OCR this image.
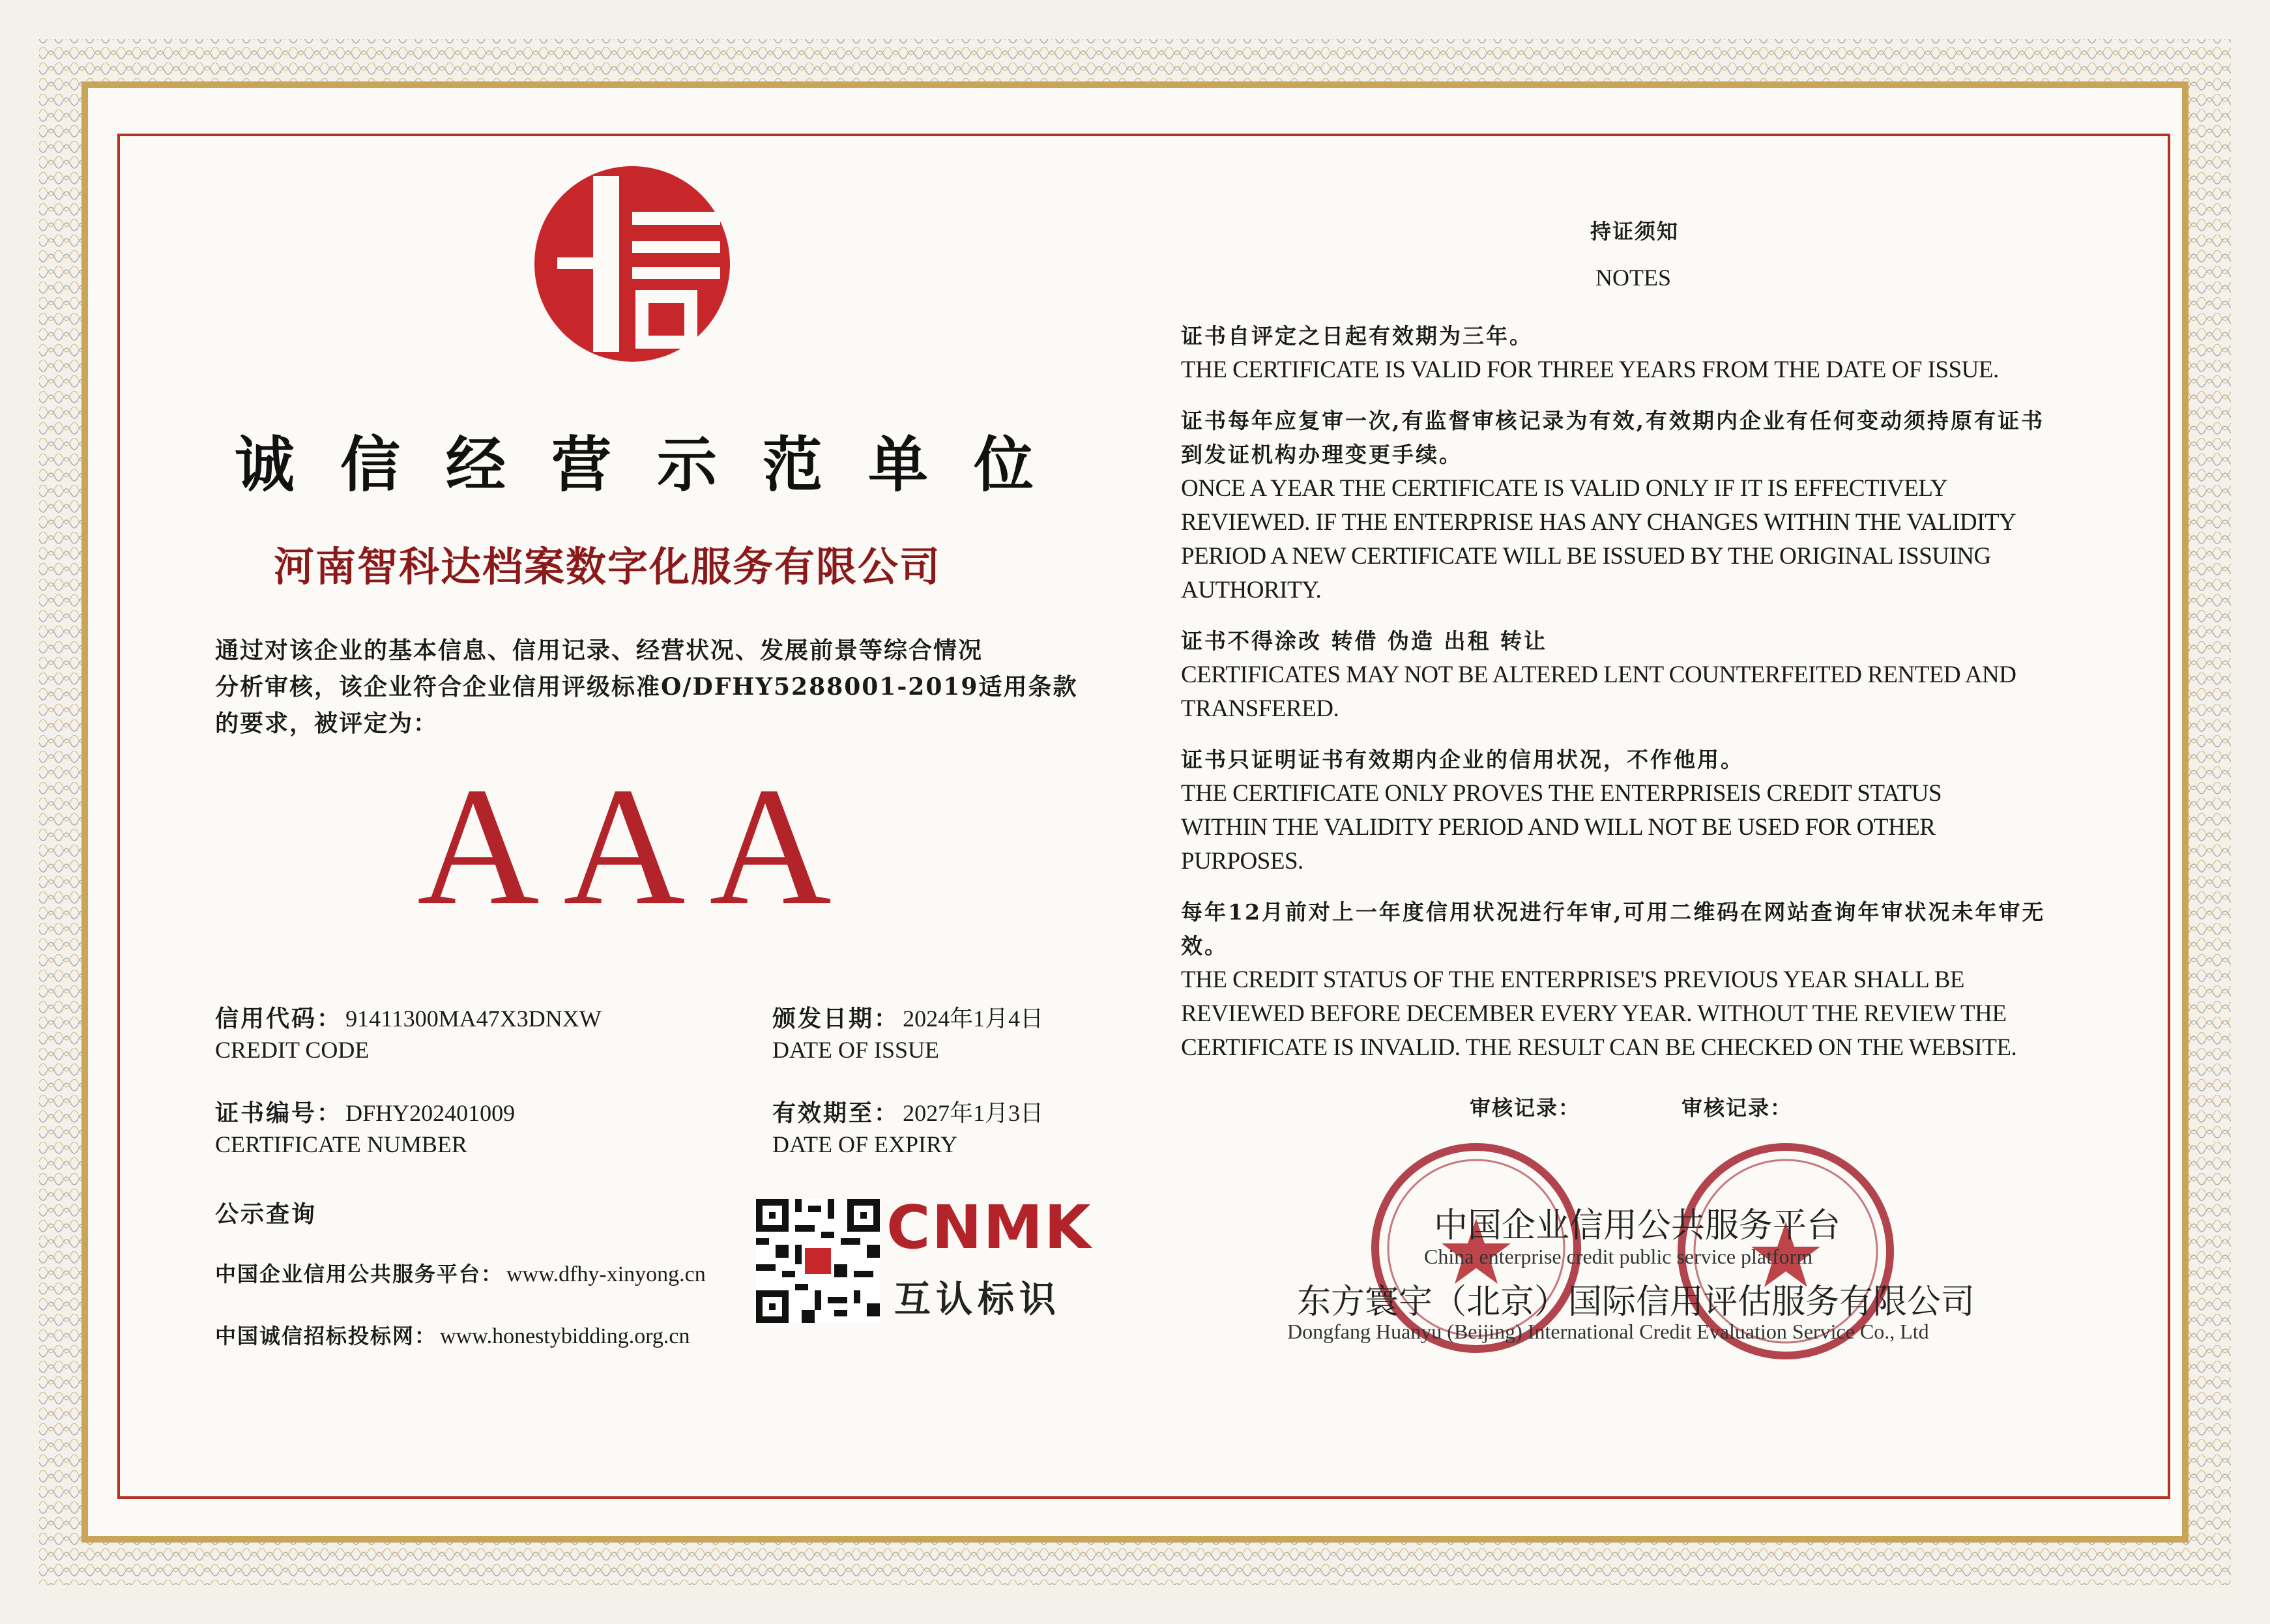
诚信经营示范单位
河南智科达档案数字化服务有限公司
通过对该企业的基本信息、信用记录、经营状况、发展前景等综合情况
分析审核，该企业符合企业信用评级标准O/DFHY5288001-2019适用条款
的要求，被评定为：
A A A
信用代码： 91411300MA47X3DNXW
CREDIT CODE
颁发日期： 2024年1月4日
DATE OF ISSUE
证书编号： DFHY202401009
CERTIFICATE NUMBER
有效期至： 2027年1月3日
DATE OF EXPIRY
公示查询
中国企业信用公共服务平台： www.dfhy-xinyong.cn
中国诚信招标投标网： www.honestybidding.org.cn
CNMK
互认标识
持证须知
NOTES
证书自评定之日起有效期为三年。
THE CERTIFICATE IS VALID FOR THREE YEARS FROM THE DATE OF ISSUE.
证书每年应复审一次,有监督审核记录为有效,有效期内企业有任何变动须持原有证书
到发证机构办理变更手续。
ONCE A YEAR THE CERTIFICATE IS VALID ONLY IF IT IS EFFECTIVELY
REVIEWED. IF THE ENTERPRISE HAS ANY CHANGES WITHIN THE VALIDITY
PERIOD A NEW CERTIFICATE WILL BE ISSUED BY THE ORIGINAL ISSUING
AUTHORITY.
证书不得涂改 转借 伪造 出租 转让
CERTIFICATES MAY NOT BE ALTERED LENT COUNTERFEITED RENTED AND
TRANSFERED.
证书只证明证书有效期内企业的信用状况，不作他用。
THE CERTIFICATE ONLY PROVES THE ENTERPRISEIS CREDIT STATUS
WITHIN THE VALIDITY PERIOD AND WILL NOT BE USED FOR OTHER
PURPOSES.
每年12月前对上一年度信用状况进行年审,可用二维码在网站查询年审状况未年审无
效。
THE CREDIT STATUS OF THE ENTERPRISE'S PREVIOUS YEAR SHALL BE
REVIEWED BEFORE DECEMBER EVERY YEAR. WITHOUT THE REVIEW THE
CERTIFICATE IS INVALID. THE RESULT CAN BE CHECKED ON THE WEBSITE.
审核记录：	审核记录：
中国企业信用公共服务平台
China enterprise credit public service platform
东方寰宇（北京）国际信用评估服务有限公司
Dongfang Huanyu (Beijing) International Credit Evaluation Service Co., Ltd
